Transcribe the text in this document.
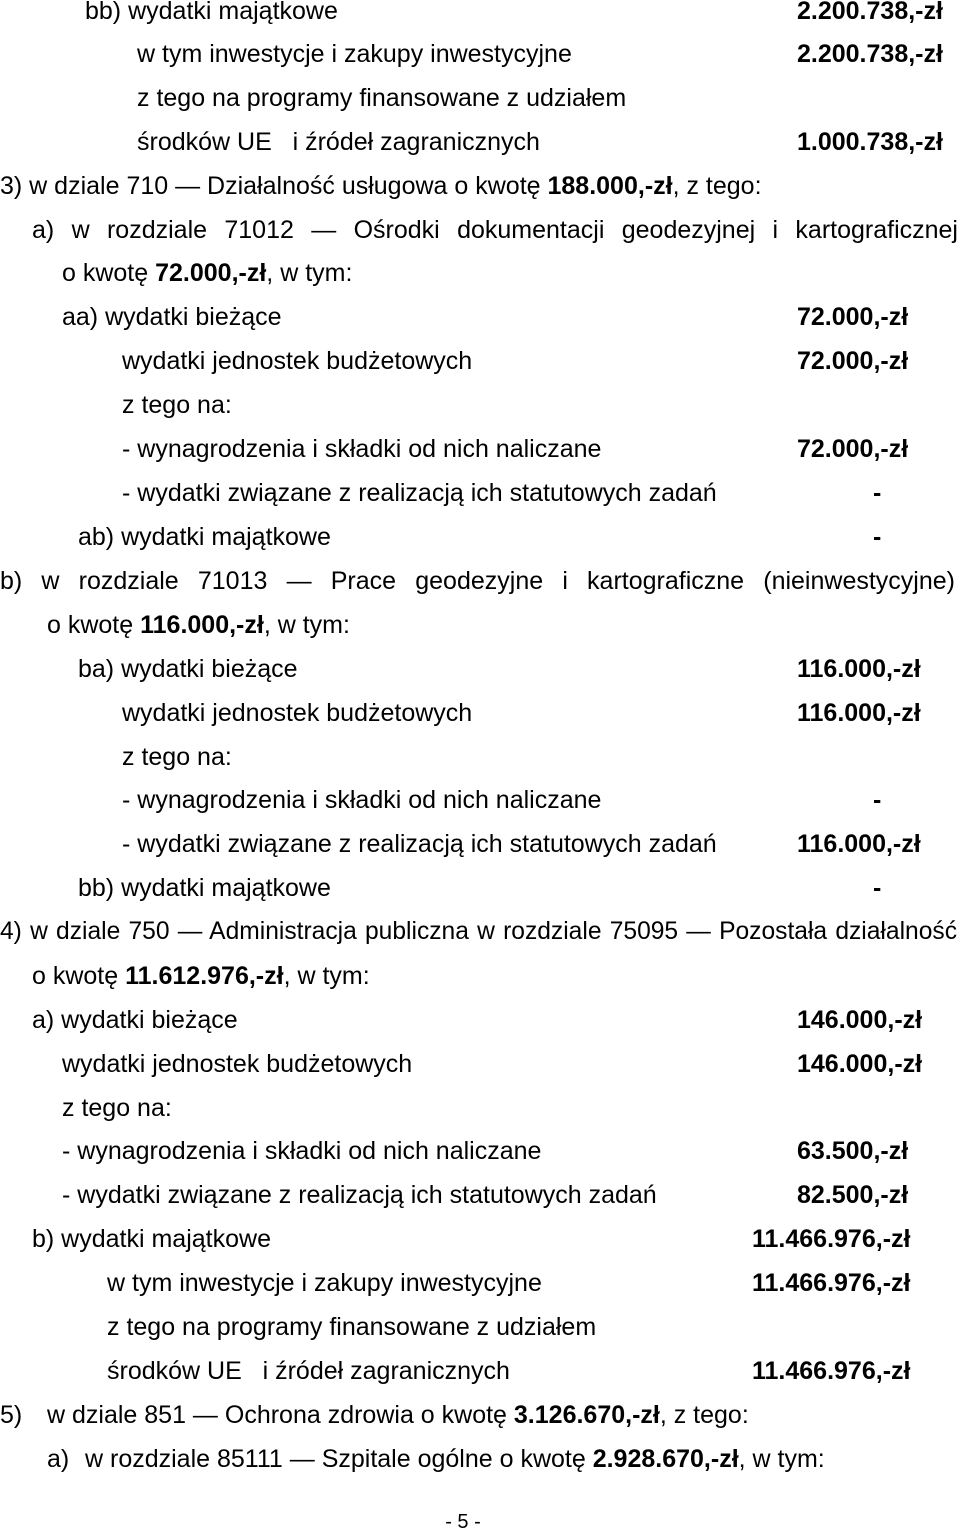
bb) wydatki majątkowe	2.200.738,-zł
w tym inwestycje i zakupy inwestycyjne	2.200.738,-zł
z tego na programy finansowane z udziałem
środków UE   i źródeł zagranicznych	1.000.738,-zł
3) w dziale 710 — Działalność usługowa o kwotę 188.000,-zł, z tego:
a) w rozdziale 71012 — Ośrodki dokumentacji geodezyjnej i kartograficznej
o kwotę 72.000,-zł, w tym:
aa) wydatki bieżące	72.000,-zł
wydatki jednostek budżetowych	72.000,-zł
z tego na:
- wynagrodzenia i składki od nich naliczane	72.000,-zł
- wydatki związane z realizacją ich statutowych zadań	-
ab) wydatki majątkowe	-
b) w rozdziale 71013 — Prace geodezyjne i kartograficzne (nieinwestycyjne)
o kwotę 116.000,-zł, w tym:
ba) wydatki bieżące	116.000,-zł
wydatki jednostek budżetowych	116.000,-zł
z tego na:
- wynagrodzenia i składki od nich naliczane	-
- wydatki związane z realizacją ich statutowych zadań	116.000,-zł
bb) wydatki majątkowe	-
4) w dziale 750 — Administracja publiczna w rozdziale 75095 — Pozostała działalność
o kwotę 11.612.976,-zł, w tym:
a) wydatki bieżące	146.000,-zł
wydatki jednostek budżetowych	146.000,-zł
z tego na:
- wynagrodzenia i składki od nich naliczane	63.500,-zł
- wydatki związane z realizacją ich statutowych zadań	82.500,-zł
b) wydatki majątkowe	11.466.976,-zł
w tym inwestycje i zakupy inwestycyjne	11.466.976,-zł
z tego na programy finansowane z udziałem
środków UE   i źródeł zagranicznych	11.466.976,-zł
5) w dziale 851 — Ochrona zdrowia o kwotę 3.126.670,-zł, z tego:
a) w rozdziale 85111 — Szpitale ogólne o kwotę 2.928.670,-zł, w tym:
- 5 -
